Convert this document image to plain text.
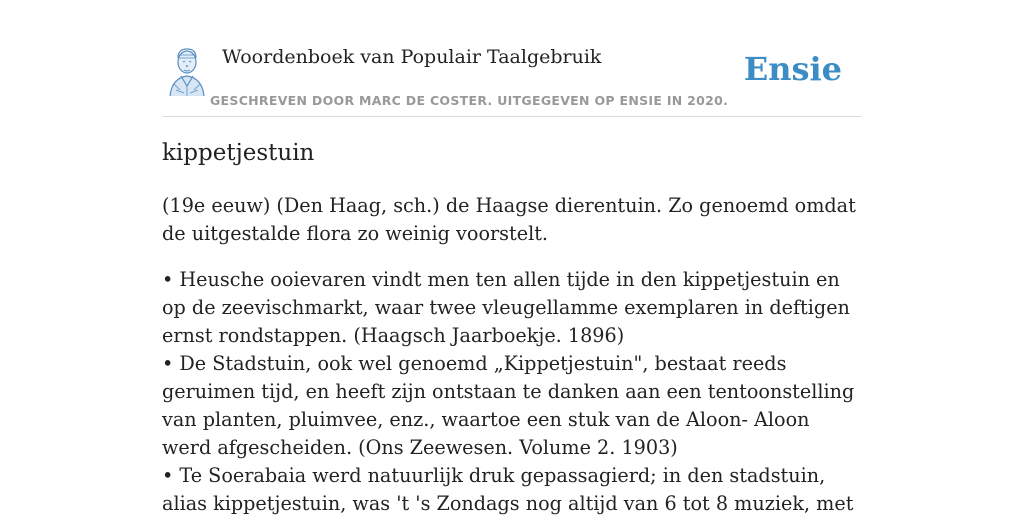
Woordenboek van Populair Taalgebruik
GESCHREVEN DOOR MARC DE COSTER. UITGEGEVEN OP ENSIE IN 2020.
Ensie
kippetjestuin

(19e eeuw) (Den Haag, sch.) de Haagse dierentuin. Zo genoemd omdat de uitgestalde flora zo weinig voorstelt.

• Heusche ooievaren vindt men ten allen tijde in den kippetjestuin en op de zeevischmarkt, waar twee vleugellamme exemplaren in deftigen ernst rondstappen. (Haagsch Jaarboekje. 1896)

• De Stadstuin, ook wel genoemd „Kippetjestuin", bestaat reeds geruimen tijd, en heeft zijn ontstaan te danken aan een tentoonstelling van planten, pluimvee, enz., waartoe een stuk van de Aloon- Aloon werd afgescheiden. (Ons Zeewesen. Volume 2. 1903)

• Te Soerabaia werd natuurlijk druk gepassagierd; in den stadstuin, alias kippetjestuin, was 't 's Zondags nog altijd van 6 tot 8 muziek, met
